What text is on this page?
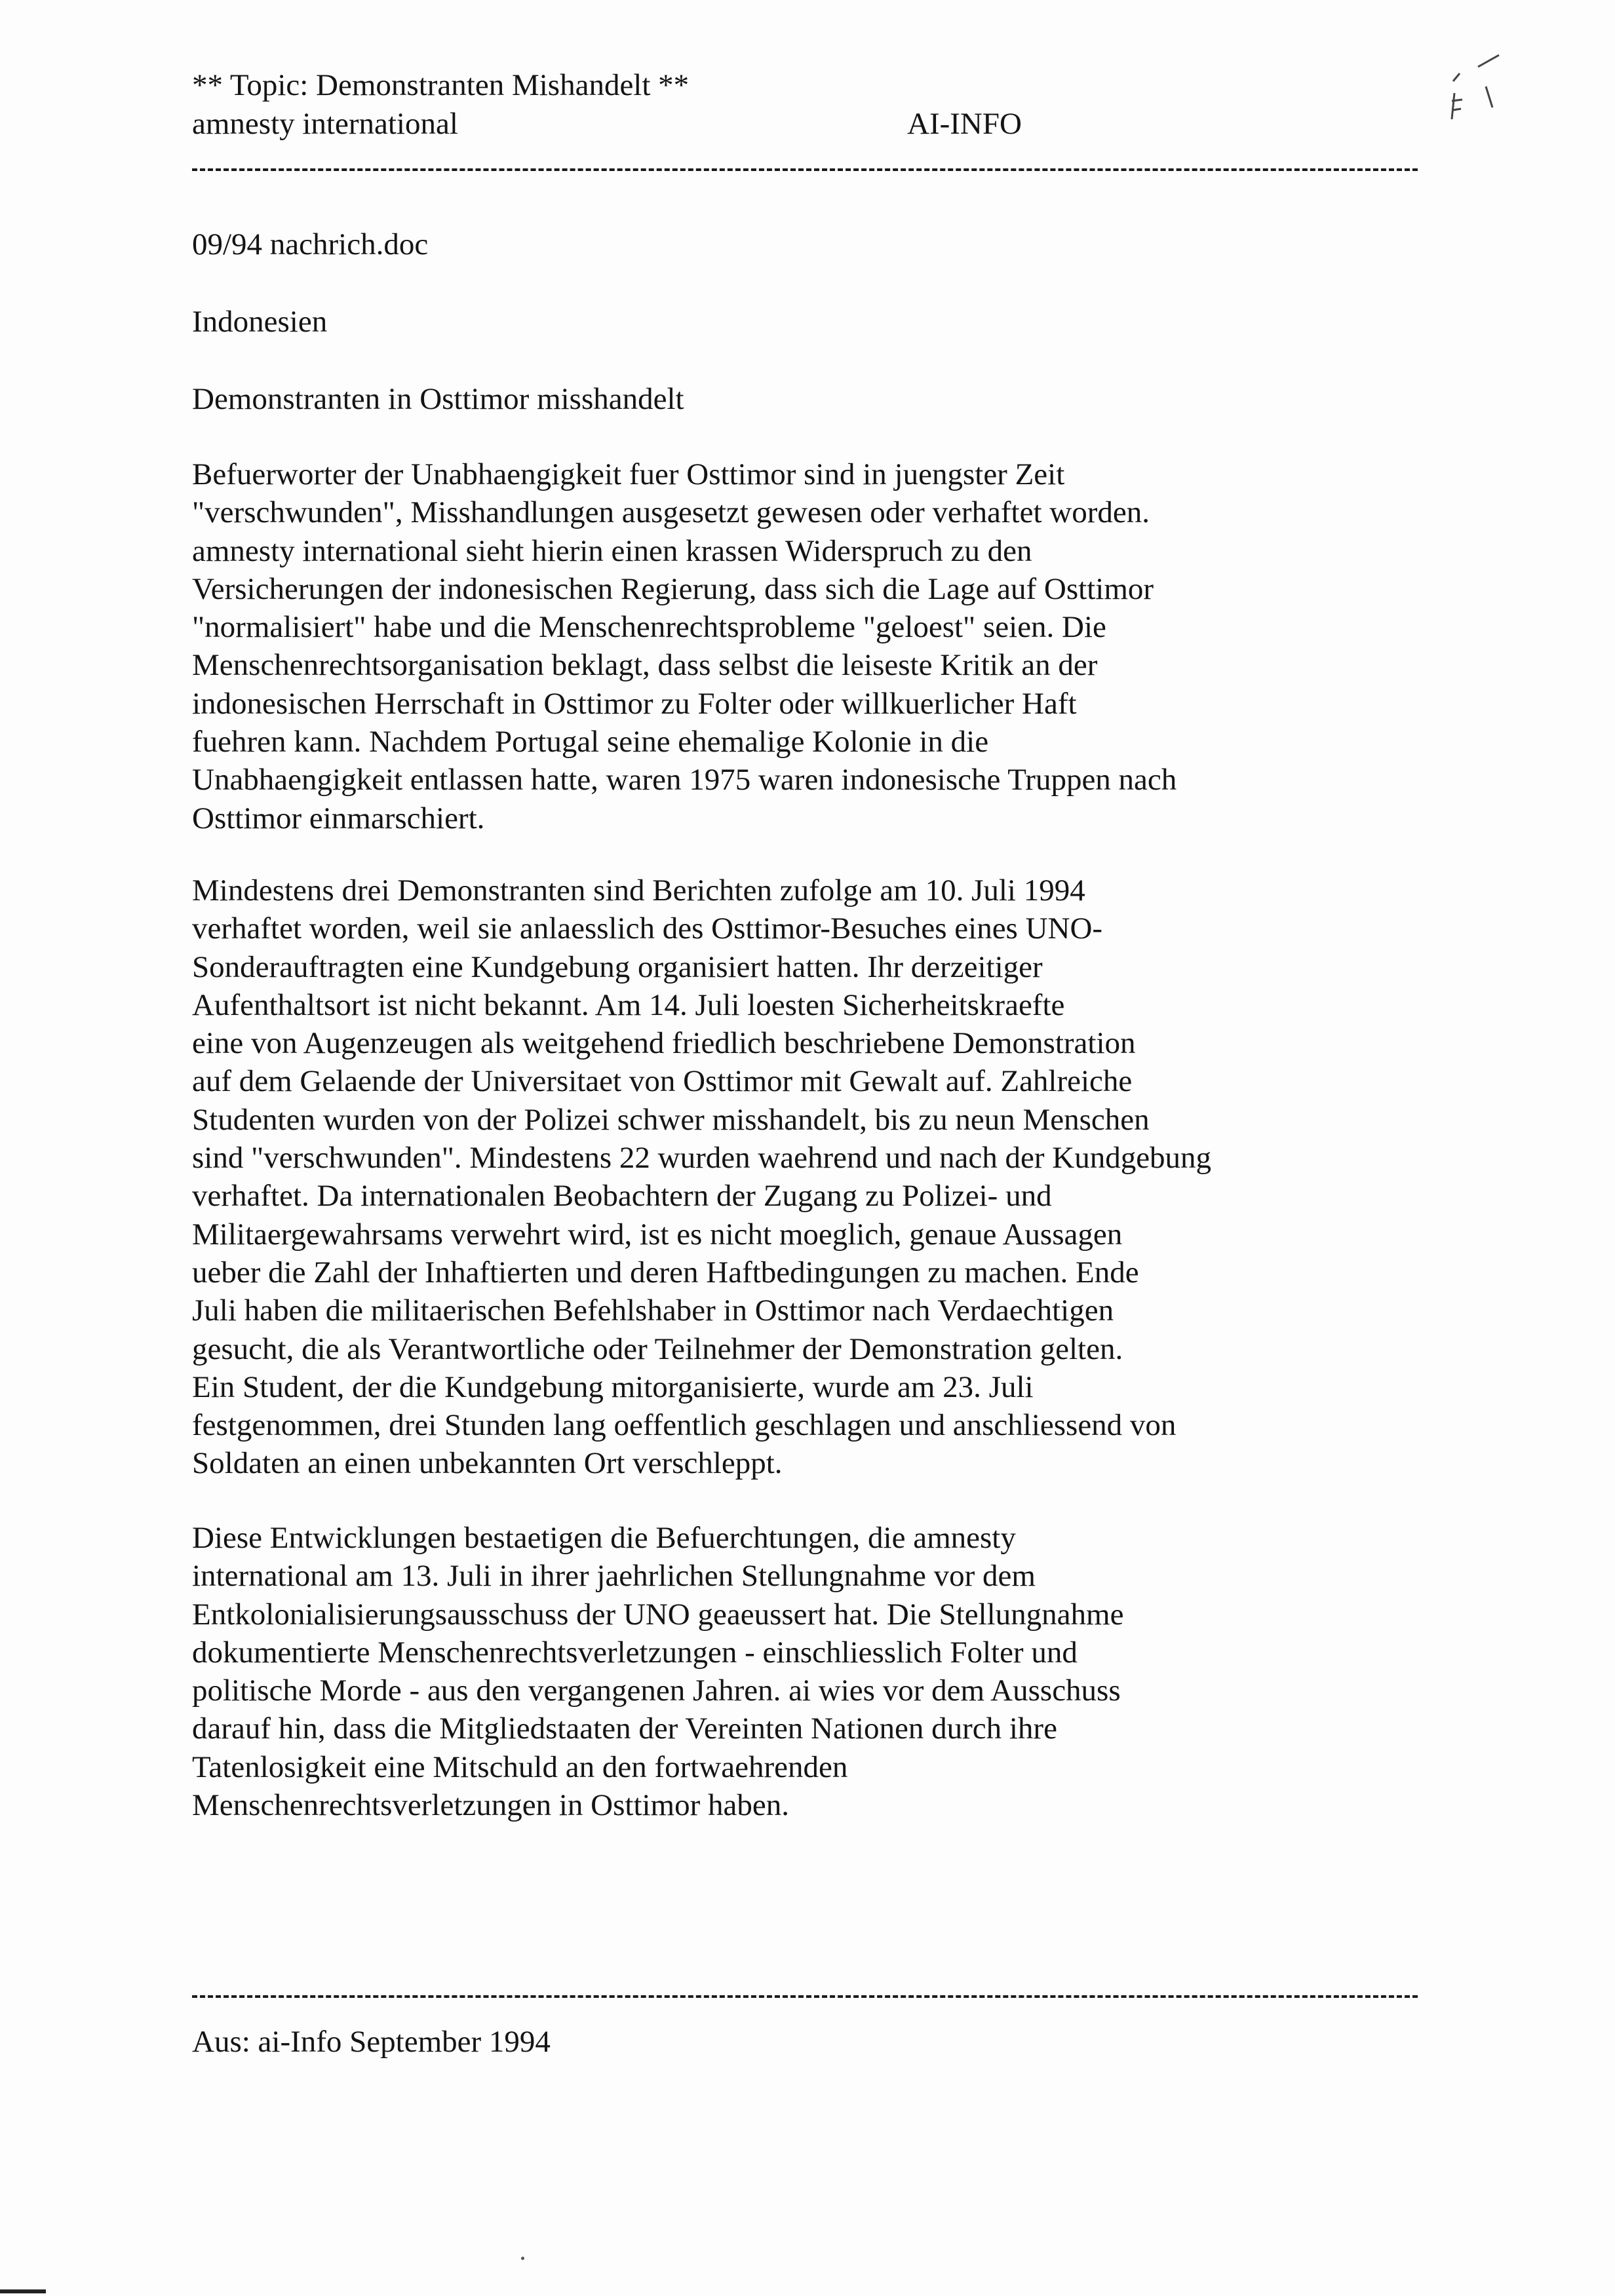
** Topic: Demonstranten Mishandelt **
amnesty international	AI-INFO
09/94 nachrich.doc
Indonesien
Demonstranten in Osttimor misshandelt
Befuerworter der Unabhaengigkeit fuer Osttimor sind in juengster Zeit
"verschwunden", Misshandlungen ausgesetzt gewesen oder verhaftet worden.
amnesty international sieht hierin einen krassen Widerspruch zu den
Versicherungen der indonesischen Regierung, dass sich die Lage auf Osttimor
"normalisiert" habe und die Menschenrechtsprobleme "geloest" seien. Die
Menschenrechtsorganisation beklagt, dass selbst die leiseste Kritik an der
indonesischen Herrschaft in Osttimor zu Folter oder willkuerlicher Haft
fuehren kann. Nachdem Portugal seine ehemalige Kolonie in die
Unabhaengigkeit entlassen hatte, waren 1975 waren indonesische Truppen nach
Osttimor einmarschiert.
Mindestens drei Demonstranten sind Berichten zufolge am 10. Juli 1994
verhaftet worden, weil sie anlaesslich des Osttimor-Besuches eines UNO-
Sonderauftragten eine Kundgebung organisiert hatten. Ihr derzeitiger
Aufenthaltsort ist nicht bekannt. Am 14. Juli loesten Sicherheitskraefte
eine von Augenzeugen als weitgehend friedlich beschriebene Demonstration
auf dem Gelaende der Universitaet von Osttimor mit Gewalt auf. Zahlreiche
Studenten wurden von der Polizei schwer misshandelt, bis zu neun Menschen
sind "verschwunden". Mindestens 22 wurden waehrend und nach der Kundgebung
verhaftet. Da internationalen Beobachtern der Zugang zu Polizei- und
Militaergewahrsams verwehrt wird, ist es nicht moeglich, genaue Aussagen
ueber die Zahl der Inhaftierten und deren Haftbedingungen zu machen. Ende
Juli haben die militaerischen Befehlshaber in Osttimor nach Verdaechtigen
gesucht, die als Verantwortliche oder Teilnehmer der Demonstration gelten.
Ein Student, der die Kundgebung mitorganisierte, wurde am 23. Juli
festgenommen, drei Stunden lang oeffentlich geschlagen und anschliessend von
Soldaten an einen unbekannten Ort verschleppt.
Diese Entwicklungen bestaetigen die Befuerchtungen, die amnesty
international am 13. Juli in ihrer jaehrlichen Stellungnahme vor dem
Entkolonialisierungsausschuss der UNO geaeussert hat. Die Stellungnahme
dokumentierte Menschenrechtsverletzungen - einschliesslich Folter und
politische Morde - aus den vergangenen Jahren. ai wies vor dem Ausschuss
darauf hin, dass die Mitgliedstaaten der Vereinten Nationen durch ihre
Tatenlosigkeit eine Mitschuld an den fortwaehrenden
Menschenrechtsverletzungen in Osttimor haben.
Aus: ai-Info September 1994
